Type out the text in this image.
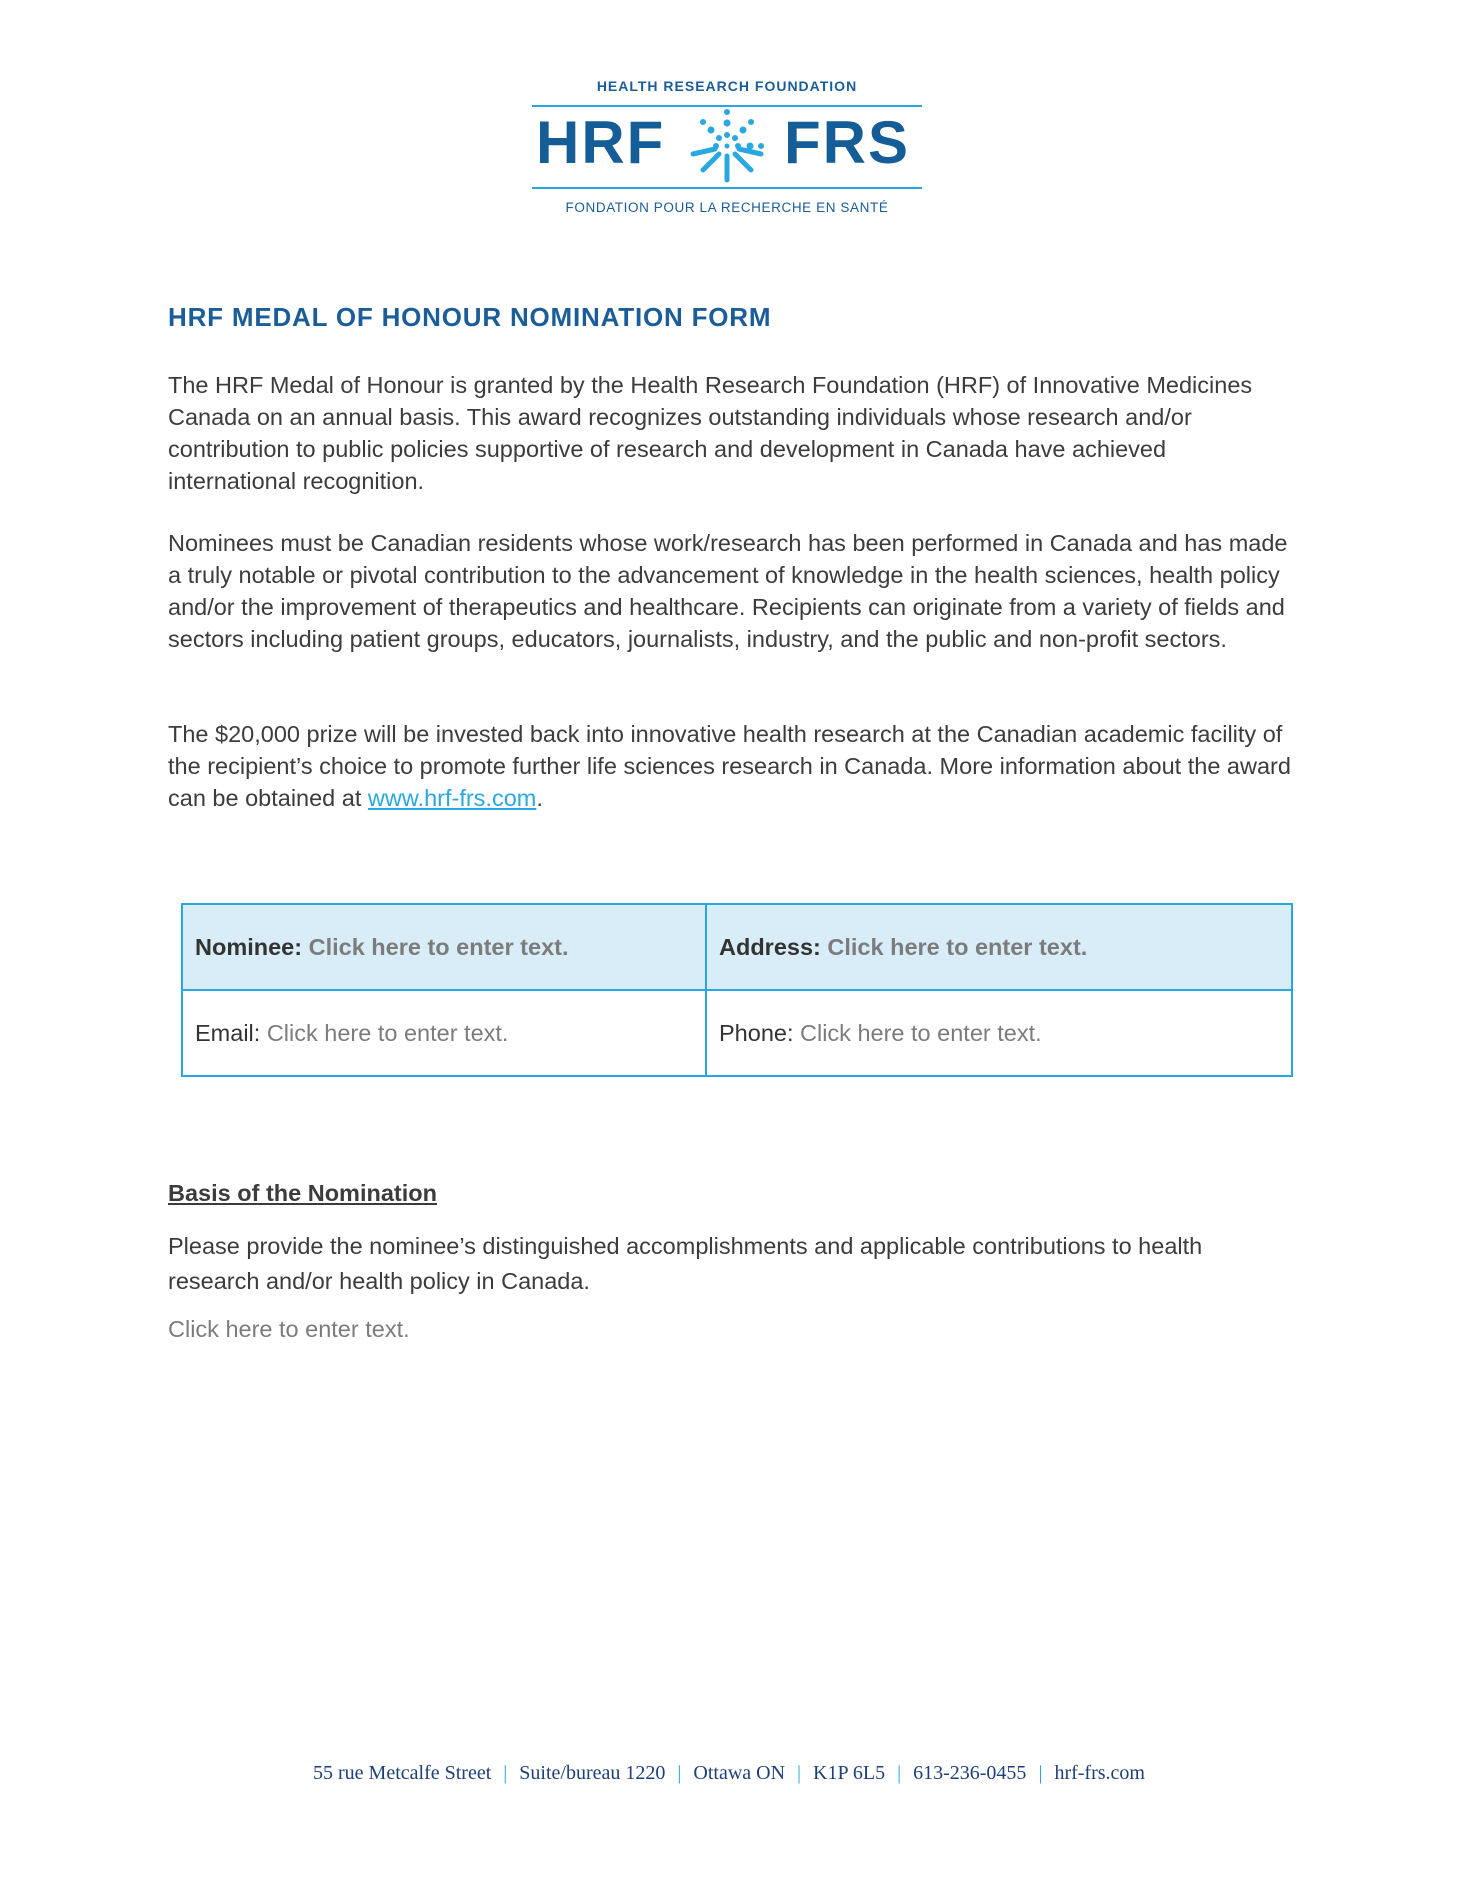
HEALTH RESEARCH FOUNDATION
HRF FRS
FONDATION POUR LA RECHERCHE EN SANTÉ
HRF MEDAL OF HONOUR NOMINATION FORM

The HRF Medal of Honour is granted by the Health Research Foundation (HRF) of Innovative Medicines Canada on an annual basis. This award recognizes outstanding individuals whose research and/or contribution to public policies supportive of research and development in Canada have achieved international recognition.

Nominees must be Canadian residents whose work/research has been performed in Canada and has made a truly notable or pivotal contribution to the advancement of knowledge in the health sciences, health policy and/or the improvement of therapeutics and healthcare. Recipients can originate from a variety of fields and sectors including patient groups, educators, journalists, industry, and the public and non-profit sectors.

The $20,000 prize will be invested back into innovative health research at the Canadian academic facility of the recipient’s choice to promote further life sciences research in Canada. More information about the award can be obtained at www.hrf-frs.com.

Nominee: Click here to enter text.	Address: Click here to enter text.
Email: Click here to enter text.	Phone: Click here to enter text.
Basis of the Nomination

Please provide the nominee’s distinguished accomplishments and applicable contributions to health research and/or health policy in Canada.

Click here to enter text.
55 rue Metcalfe Street | Suite/bureau 1220 | Ottawa ON | K1P 6L5 | 613-236-0455 | hrf-frs.com
